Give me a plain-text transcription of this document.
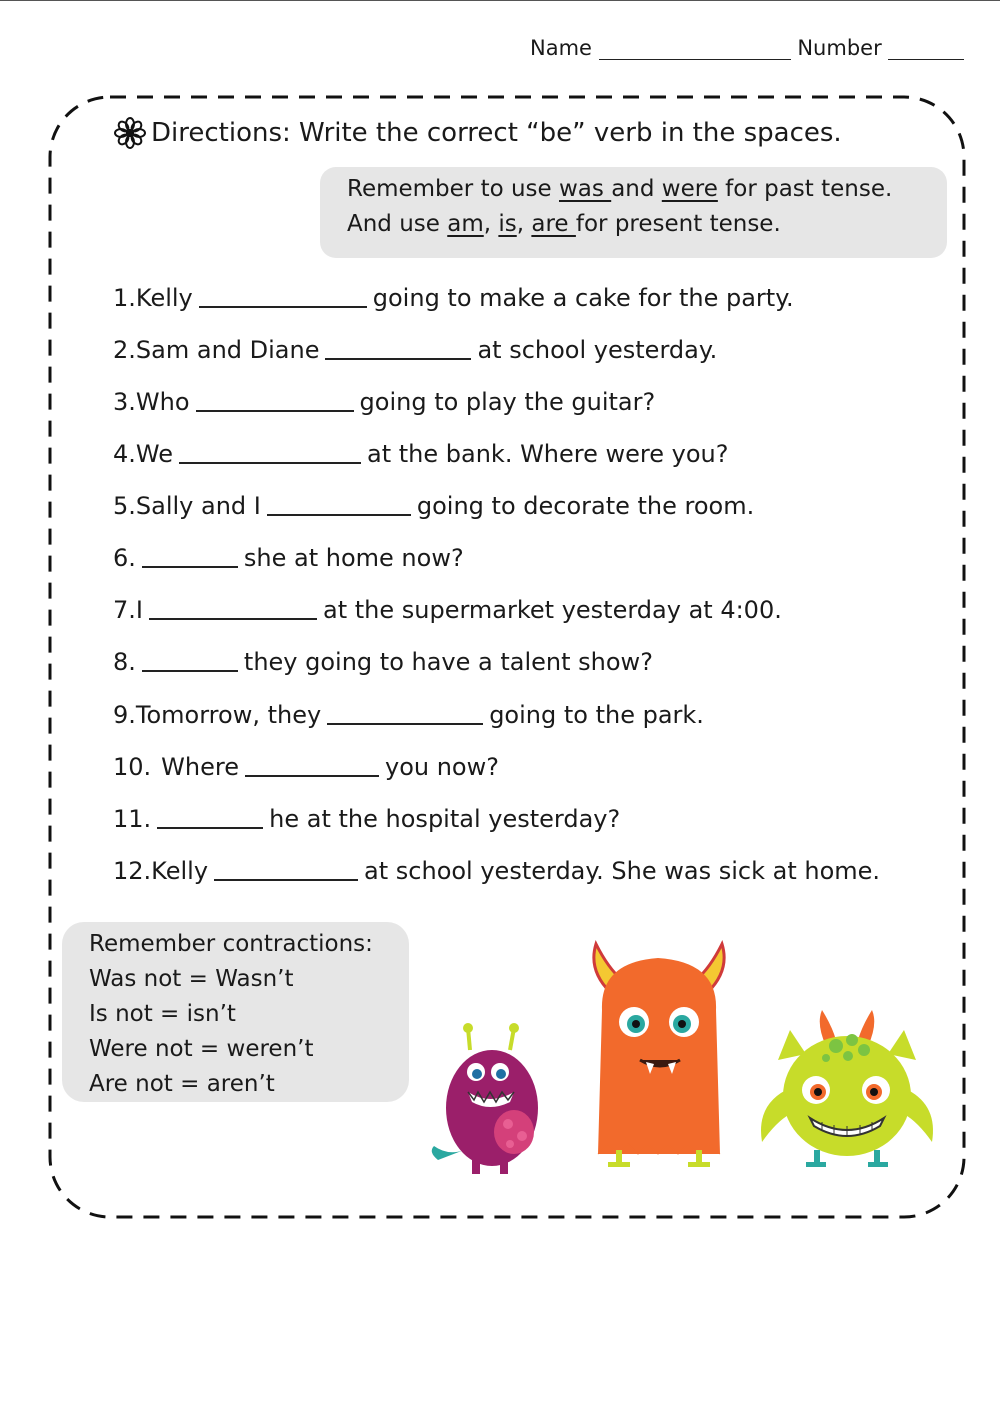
Name	Number
Directions: Write the correct “be” verb in the spaces.
Remember to use was and were for past tense.
And use am, is, are for present tense.
1. Kelly	going to make a cake for the party.
2. Sam and Diane	at school yesterday.
3. Who	going to play the guitar?
4. We	at the bank. Where were you?
5. Sally and I	going to decorate the room.
6.	she at home now?
7. I	at the supermarket yesterday at 4:00.
8.	they going to have a talent show?
9. Tomorrow, they	going to the park.
10. Where	you now?
11.	he at the hospital yesterday?
12. Kelly	at school yesterday. She was sick at home.
Remember contractions:
Was not = Wasn’t
Is not = isn’t
Were not = weren’t
Are not = aren’t
